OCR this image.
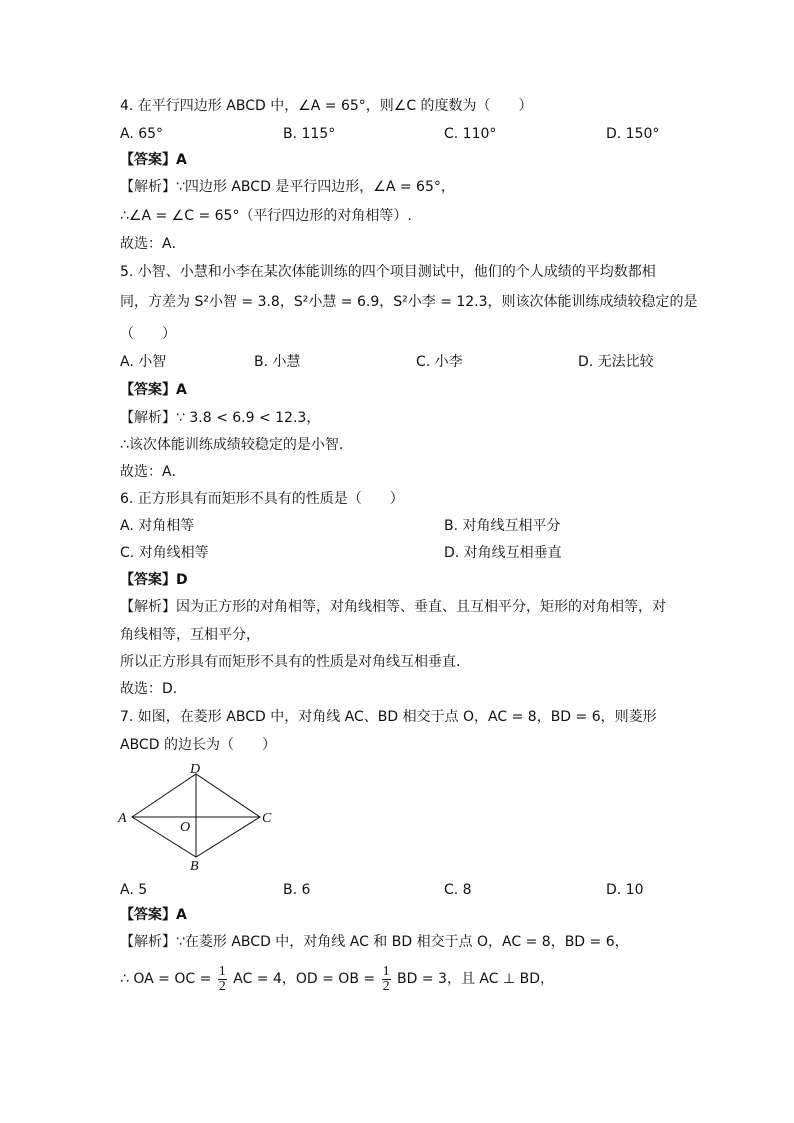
4. 在平行四边形 ABCD 中，∠A = 65°，则∠C 的度数为（　　）
A. 65°	B. 115°	C. 110°	D. 150°
【答案】A
【解析】∵四边形 ABCD 是平行四边形，∠A = 65°，
∴∠A = ∠C = 65°（平行四边形的对角相等）.
故选：A．
5. 小智、小慧和小李在某次体能训练的四个项目测试中，他们的个人成绩的平均数都相
同，方差为 S²小智 = 3.8，S²小慧 = 6.9，S²小李 = 12.3，则该次体能训练成绩较稳定的是
（　　）
A. 小智	B. 小慧	C. 小李	D. 无法比较
【答案】A
【解析】∵ 3.8 < 6.9 < 12.3，
∴该次体能训练成绩较稳定的是小智.
故选：A．
6. 正方形具有而矩形不具有的性质是（　　）
A. 对角相等	B. 对角线互相平分
C. 对角线相等	D. 对角线互相垂直
【答案】D
【解析】因为正方形的对角相等，对角线相等、垂直、且互相平分，矩形的对角相等，对
角线相等，互相平分，
所以正方形具有而矩形不具有的性质是对角线互相垂直.
故选：D．
7. 如图，在菱形 ABCD 中，对角线 AC、BD 相交于点 O，AC = 8，BD = 6，则菱形
ABCD 的边长为（　　）
A
B
C
D
O
A. 5	B. 6	C. 8	D. 10
【答案】A
【解析】∵在菱形 ABCD 中，对角线 AC 和 BD 相交于点 O，AC = 8，BD = 6，
∴ OA = OC = $\frac{1}{2}$ AC = 4，OD = OB = $\frac{1}{2}$ BD = 3，且 AC ⊥ BD，
